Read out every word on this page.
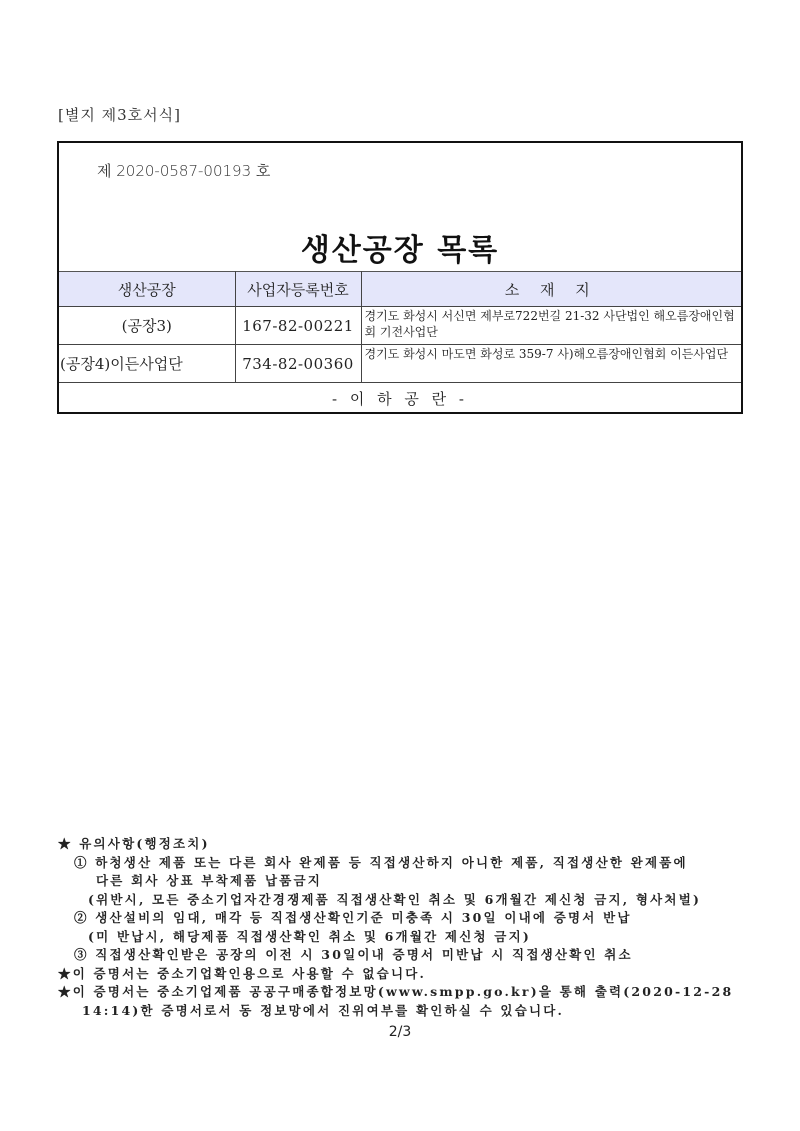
[별지 제3호서식]
제 2020-0587-00193 호
생산공장 목록
생산공장	사업자등록번호	소 재 지
(공장3)	167-82-00221	경기도 화성시 서신면 제부로722번길 21-32 사단법인 해오름장애인협회 기전사업단
(공장4)이든사업단	734-82-00360	경기도 화성시 마도면 화성로 359-7 사)해오름장애인협회 이든사업단
- 이 하 공 란 -		
★ 유의사항(행정조치)
① 하청생산 제품 또는 다른 회사 완제품 등 직접생산하지 아니한 제품, 직접생산한 완제품에
다른 회사 상표 부착제품 납품금지
(위반시, 모든 중소기업자간경쟁제품 직접생산확인 취소 및 6개월간 제신청 금지, 형사처벌)
② 생산설비의 임대, 매각 등 직접생산확인기준 미충족 시 30일 이내에 증명서 반납
(미 반납시, 해당제품 직접생산확인 취소 및 6개월간 제신청 금지)
③ 직접생산확인받은 공장의 이전 시 30일이내 증명서 미반납 시 직접생산확인 취소
★이 증명서는 중소기업확인용으로 사용할 수 없습니다.
★이 증명서는 중소기업제품 공공구매종합정보망(www.smpp.go.kr)을 통해 출력(2020-12-28
14:14)한 증명서로서 동 정보망에서 진위여부를 확인하실 수 있습니다.
2/3
